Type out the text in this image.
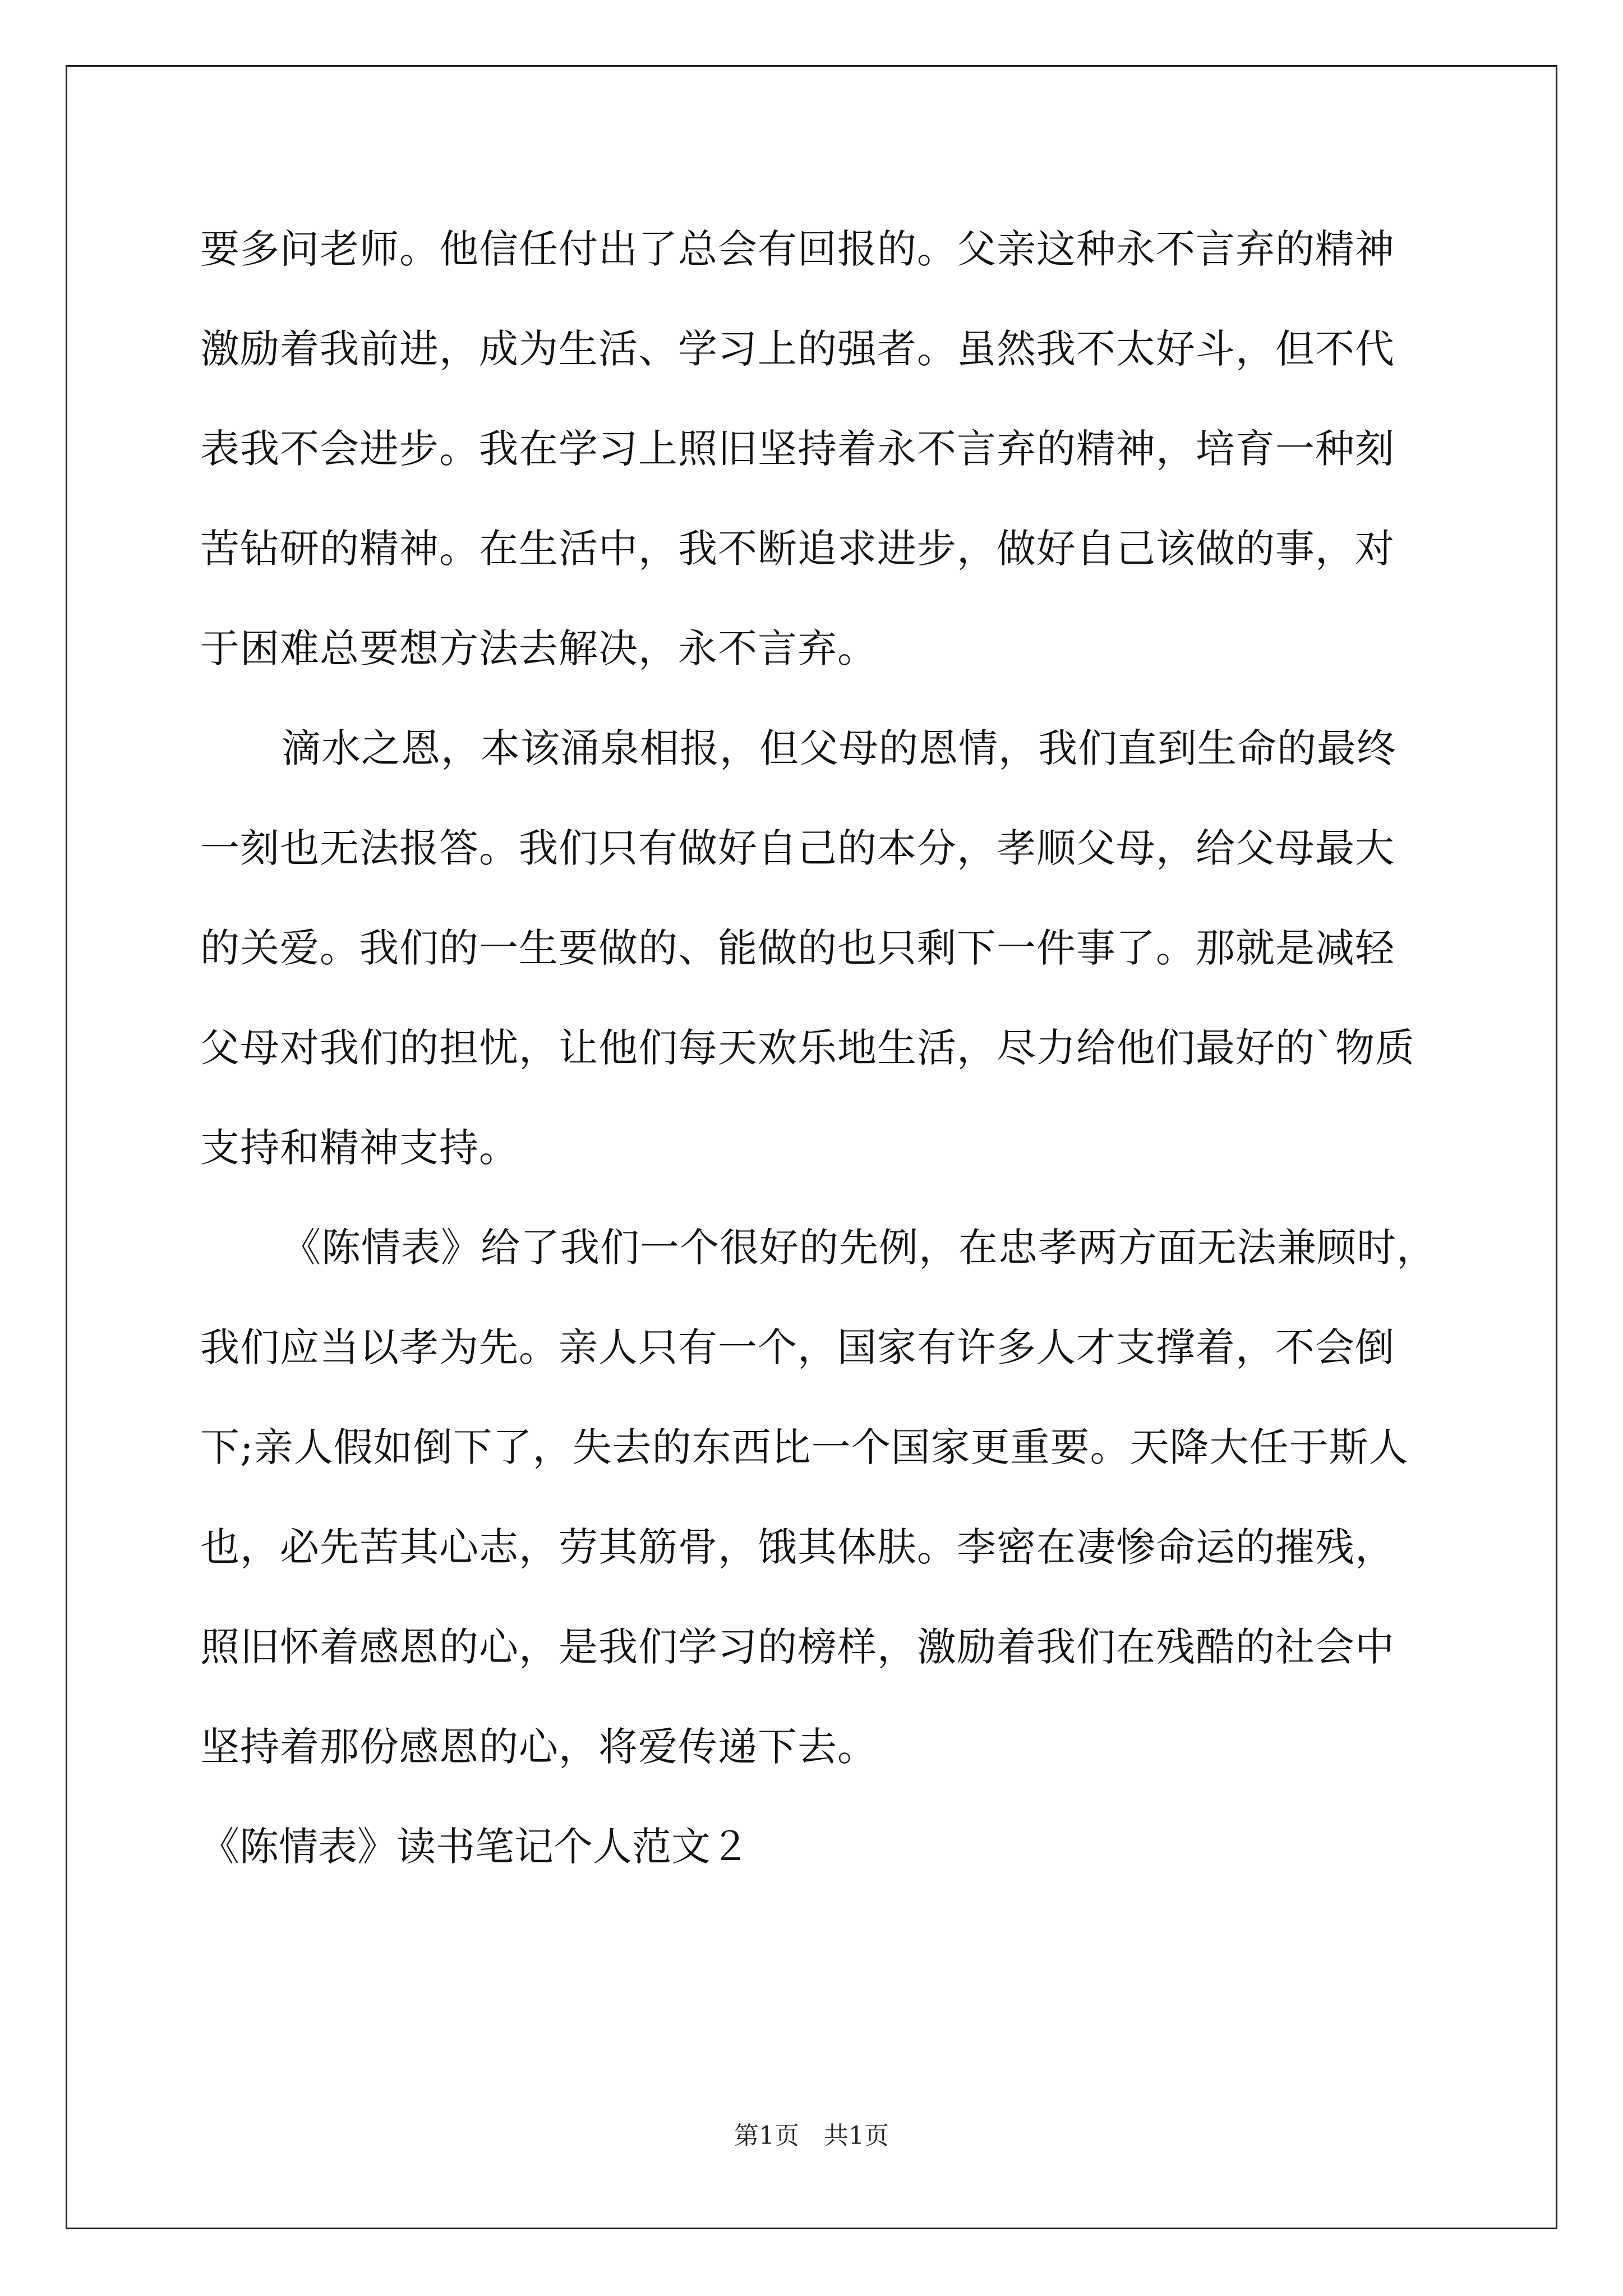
要多问老师。他信任付出了总会有回报的。父亲这种永不言弃的精神
激励着我前进，成为生活、学习上的强者。虽然我不太好斗，但不代
表我不会进步。我在学习上照旧坚持着永不言弃的精神，培育一种刻
苦钻研的精神。在生活中，我不断追求进步，做好自己该做的事，对
于困难总要想方法去解决，永不言弃。
滴水之恩，本该涌泉相报，但父母的恩情，我们直到生命的最终
一刻也无法报答。我们只有做好自己的本分，孝顺父母，给父母最大
的关爱。我们的一生要做的、能做的也只剩下一件事了。那就是减轻
父母对我们的担忧，让他们每天欢乐地生活，尽力给他们最好的`物质
支持和精神支持。
《陈情表》给了我们一个很好的先例，在忠孝两方面无法兼顾时，
我们应当以孝为先。亲人只有一个，国家有许多人才支撑着，不会倒
下;亲人假如倒下了，失去的东西比一个国家更重要。天降大任于斯人
也，必先苦其心志，劳其筋骨，饿其体肤。李密在凄惨命运的摧残，
照旧怀着感恩的心，是我们学习的榜样，激励着我们在残酷的社会中
坚持着那份感恩的心，将爱传递下去。
《陈情表》读书笔记个人范文２
第1页　共1页
